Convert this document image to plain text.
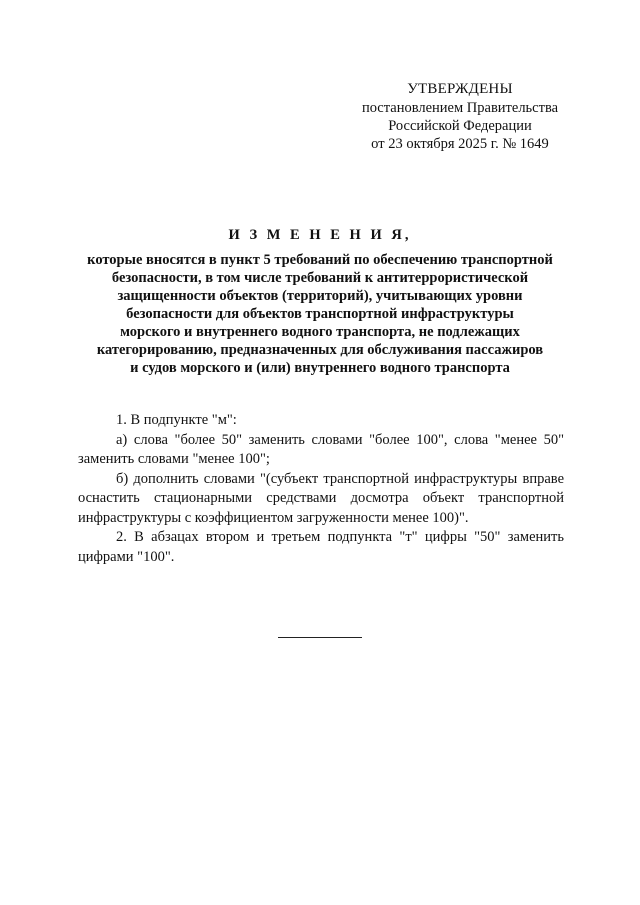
УТВЕРЖДЕНЫ
постановлением Правительства
Российской Федерации
от 23 октября 2025 г. № 1649
И З М Е Н Е Н И Я,
которые вносятся в пункт 5 требований по обеспечению транспортной
безопасности, в том числе требований к антитеррористической
защищенности объектов (территорий), учитывающих уровни
безопасности для объектов транспортной инфраструктуры
морского и внутреннего водного транспорта, не подлежащих
категорированию, предназначенных для обслуживания пассажиров
и судов морского и (или) внутреннего водного транспорта

1. В подпункте "м":

а) слова "более 50" заменить словами "более 100", слова "менее 50" заменить словами "менее 100";

б) дополнить словами "(субъект транспортной инфраструктуры вправе оснастить стационарными средствами досмотра объект транспортной инфраструктуры с коэффициентом загруженности менее 100)".

2. В абзацах втором и третьем подпункта "т" цифры "50" заменить цифрами "100".
